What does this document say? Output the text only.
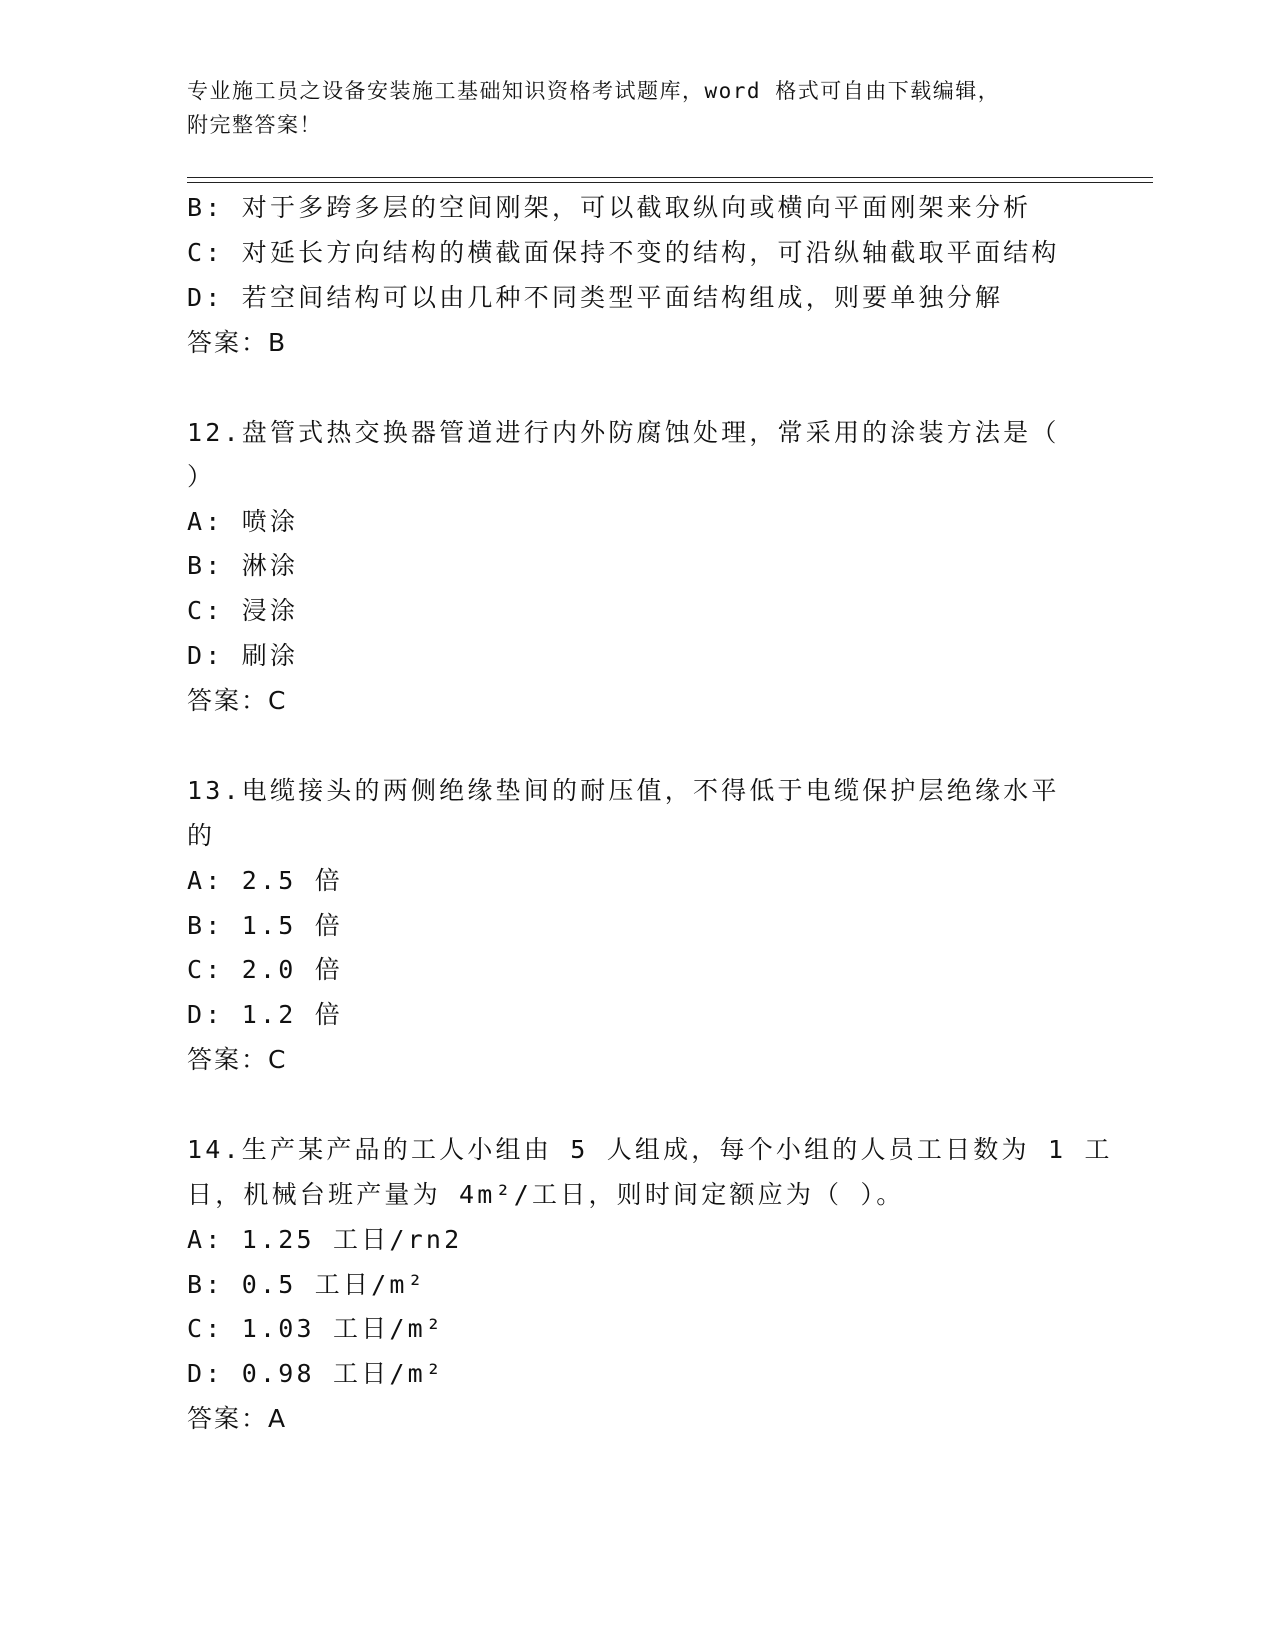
专业施工员之设备安装施工基础知识资格考试题库，word 格式可自由下载编辑，
附完整答案！
B: 对于多跨多层的空间刚架，可以截取纵向或横向平面刚架来分析
C: 对延长方向结构的横截面保持不变的结构，可沿纵轴截取平面结构
D: 若空间结构可以由几种不同类型平面结构组成，则要单独分解
答案：B
12.盘管式热交换器管道进行内外防腐蚀处理，常采用的涂装方法是（
）
A: 喷涂
B: 淋涂
C: 浸涂
D: 刷涂
答案：C
13.电缆接头的两侧绝缘垫间的耐压值，不得低于电缆保护层绝缘水平
的
A: 2.5 倍
B: 1.5 倍
C: 2.0 倍
D: 1.2 倍
答案：C
14.生产某产品的工人小组由 5 人组成，每个小组的人员工日数为 1 工
日，机械台班产量为 4m²/工日，则时间定额应为（ ）。
A: 1.25 工日/rn2
B: 0.5 工日/m²
C: 1.03 工日/m²
D: 0.98 工日/m²
答案：A
